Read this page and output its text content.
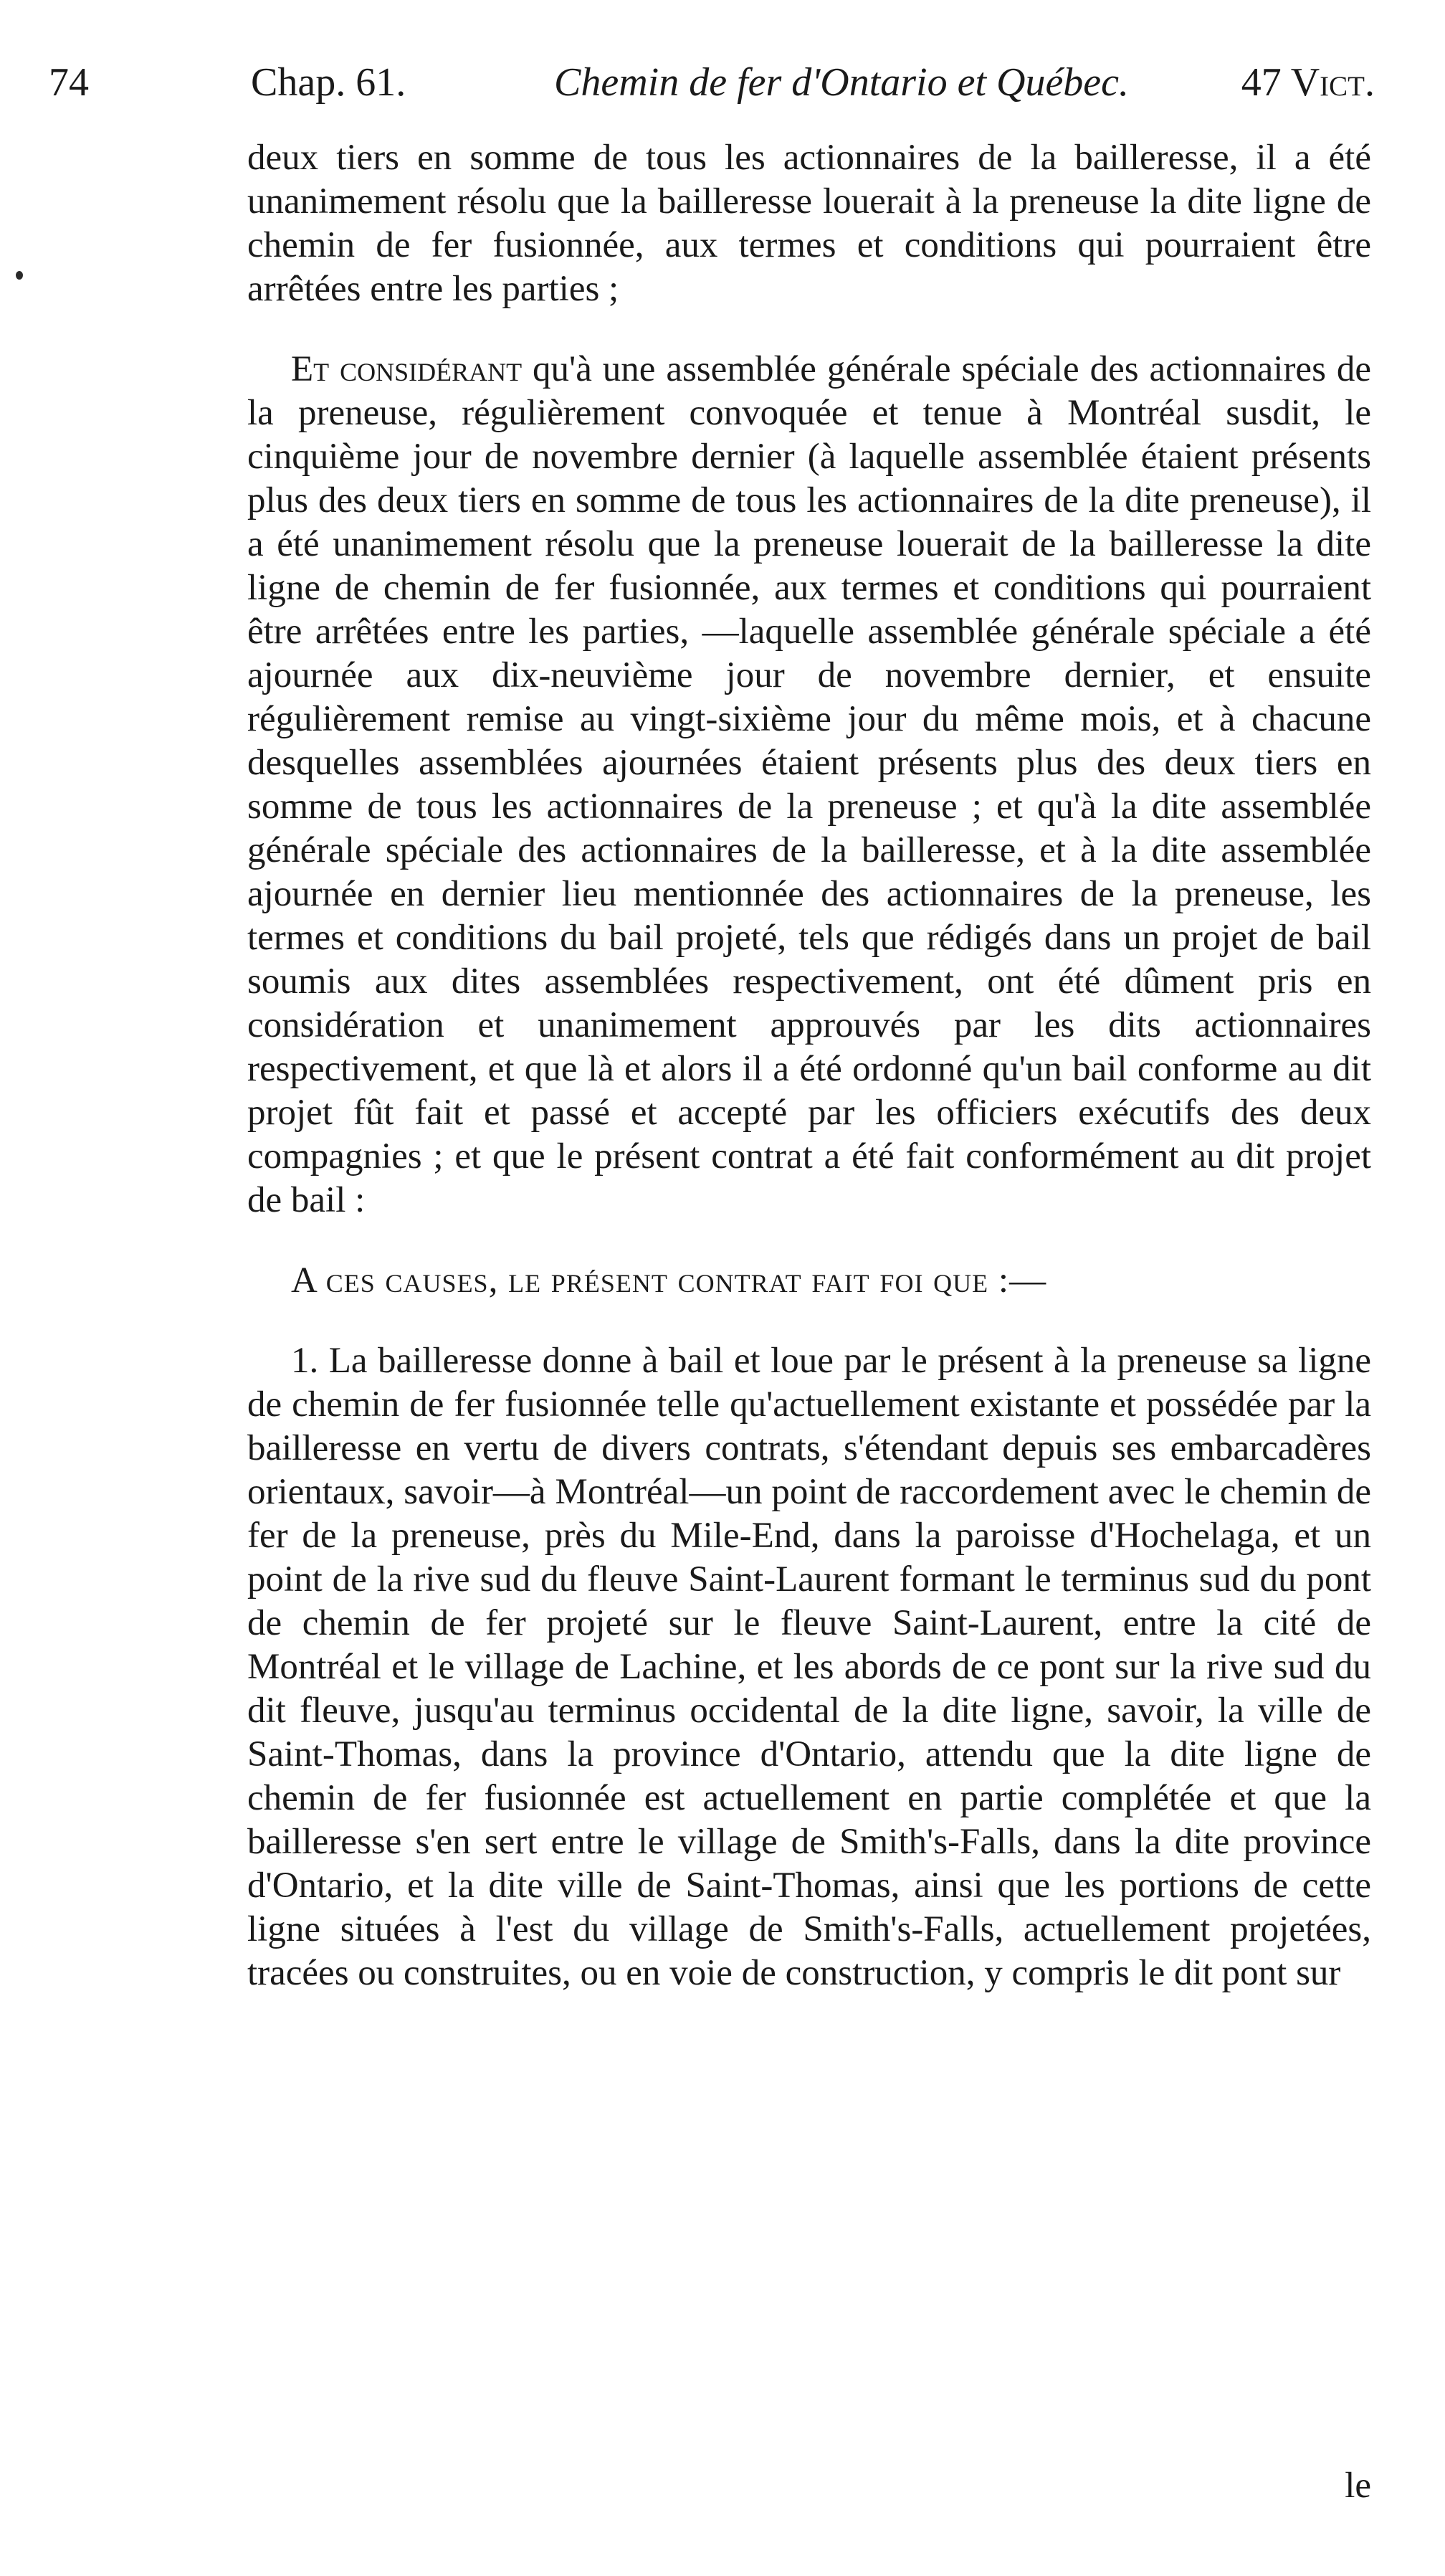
74	Chap. 61.	Chemin de fer d'Ontario et Québec.	47 Vict.

deux tiers en somme de tous les actionnaires de la bailleresse, il a été unanimement résolu que la bailleresse louerait à la preneuse la dite ligne de chemin de fer fusionnée, aux termes et conditions qui pourraient être arrêtées entre les parties ;

Et considérant qu'à une assemblée générale spéciale des actionnaires de la preneuse, régulièrement convoquée et tenue à Montréal susdit, le cinquième jour de novembre dernier (à laquelle assemblée étaient présents plus des deux tiers en somme de tous les actionnaires de la dite preneuse), il a été unanimement résolu que la preneuse louerait de la bailleresse la dite ligne de chemin de fer fusionnée, aux termes et conditions qui pourraient être arrêtées entre les parties, —laquelle assemblée générale spéciale a été ajournée aux dix-neuvième jour de novembre dernier, et ensuite régulièrement remise au vingt-sixième jour du même mois, et à chacune desquelles assemblées ajournées étaient présents plus des deux tiers en somme de tous les actionnaires de la preneuse ; et qu'à la dite assemblée générale spéciale des actionnaires de la bailleresse, et à la dite assemblée ajournée en dernier lieu mentionnée des actionnaires de la preneuse, les termes et conditions du bail projeté, tels que rédigés dans un projet de bail soumis aux dites assemblées respectivement, ont été dûment pris en considération et unanimement approuvés par les dits actionnaires respectivement, et que là et alors il a été ordonné qu'un bail conforme au dit projet fût fait et passé et accepté par les officiers exécutifs des deux compagnies ; et que le présent contrat a été fait conformément au dit projet de bail :

A ces causes, le présent contrat fait foi que :—

1. La bailleresse donne à bail et loue par le présent à la preneuse sa ligne de chemin de fer fusionnée telle qu'actuellement existante et possédée par la bailleresse en vertu de divers contrats, s'étendant depuis ses embarcadères orientaux, savoir—à Montréal—un point de raccordement avec le chemin de fer de la preneuse, près du Mile-End, dans la paroisse d'Hochelaga, et un point de la rive sud du fleuve Saint-Laurent formant le terminus sud du pont de chemin de fer projeté sur le fleuve Saint-Laurent, entre la cité de Montréal et le village de Lachine, et les abords de ce pont sur la rive sud du dit fleuve, jusqu'au terminus occidental de la dite ligne, savoir, la ville de Saint-Thomas, dans la province d'Ontario, attendu que la dite ligne de chemin de fer fusionnée est actuellement en partie complétée et que la bailleresse s'en sert entre le village de Smith's-Falls, dans la dite province d'Ontario, et la dite ville de Saint-Thomas, ainsi que les portions de cette ligne situées à l'est du village de Smith's-Falls, actuellement projetées, tracées ou construites, ou en voie de construction, y compris le dit pont sur

le
